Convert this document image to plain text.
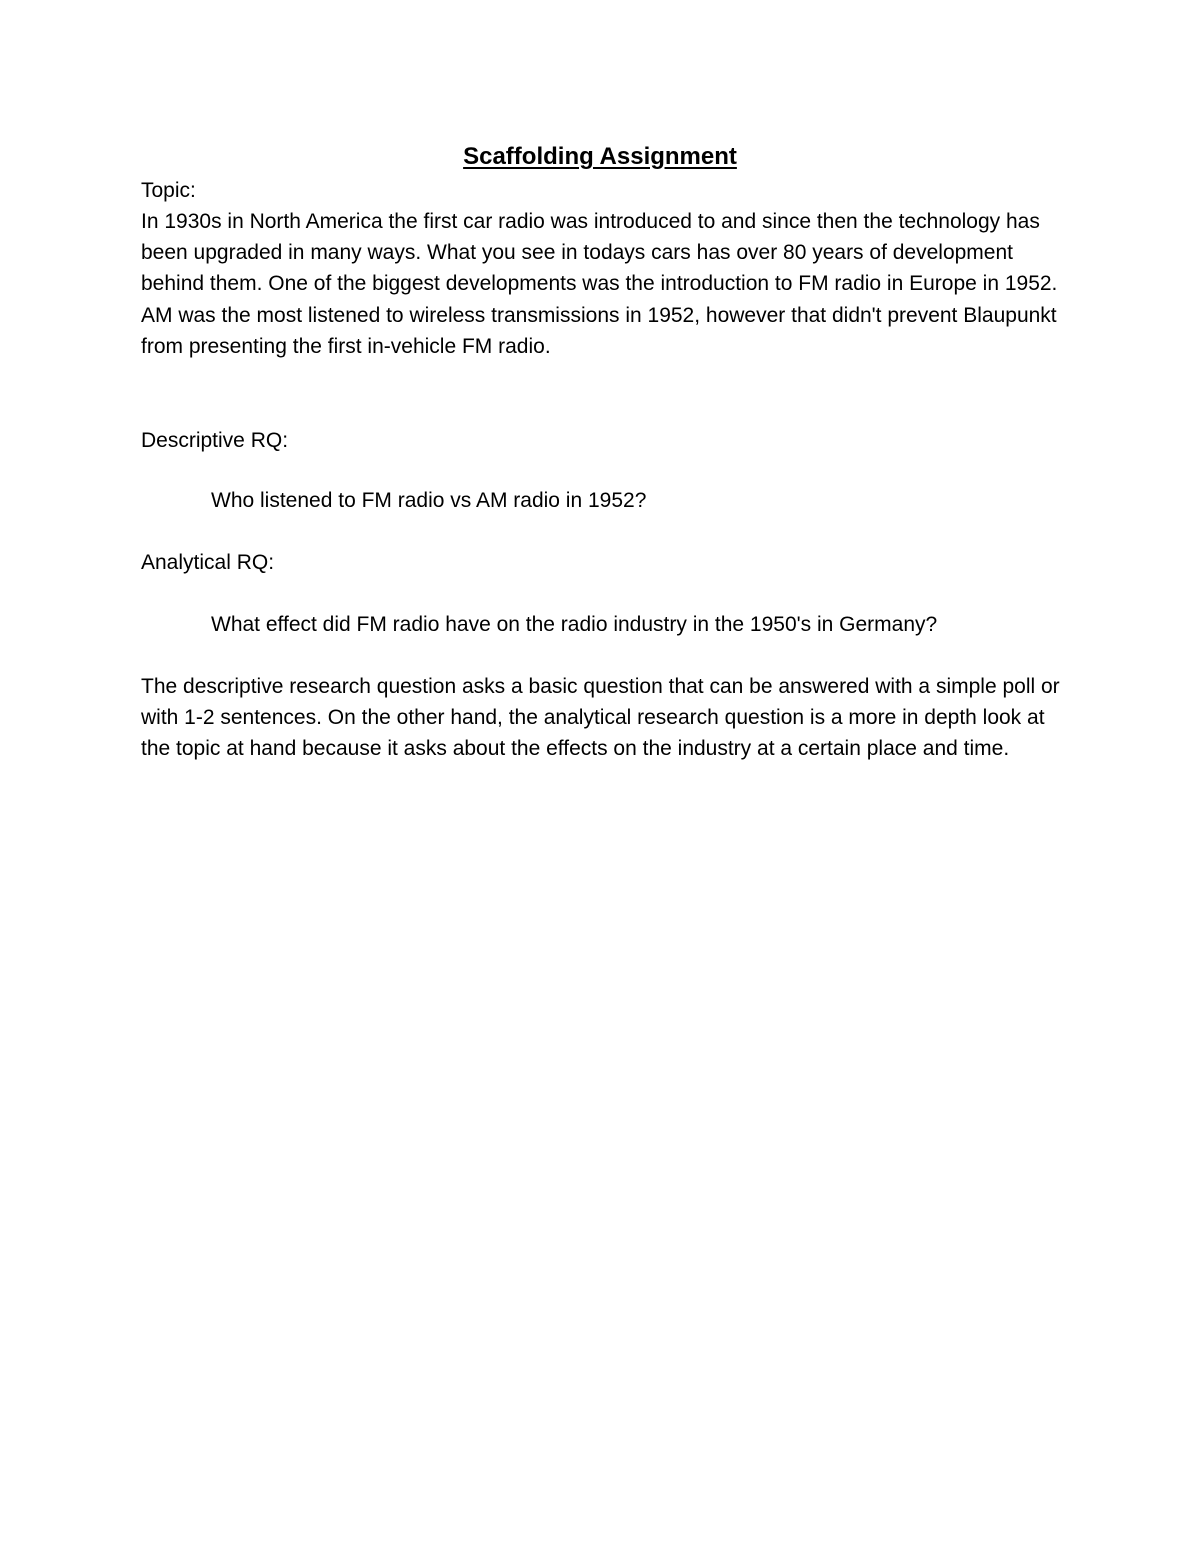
Scaffolding Assignment
Topic:
In 1930s in North America the first car radio was introduced to and since then the technology has been upgraded in many ways. What you see in todays cars has over 80 years of development behind them. One of the biggest developments was the introduction to FM radio in Europe in 1952. AM was the most listened to wireless transmissions in 1952, however that didn't prevent Blaupunkt from presenting the first in-vehicle FM radio.
Descriptive RQ:
Who listened to FM radio vs AM radio in 1952?
Analytical RQ:
What effect did FM radio have on the radio industry in the 1950's in Germany?
The descriptive research question asks a basic question that can be answered with a simple poll or with 1-2 sentences. On the other hand, the analytical research question is a more in depth look at the topic at hand because it asks about the effects on the industry at a certain place and time.
